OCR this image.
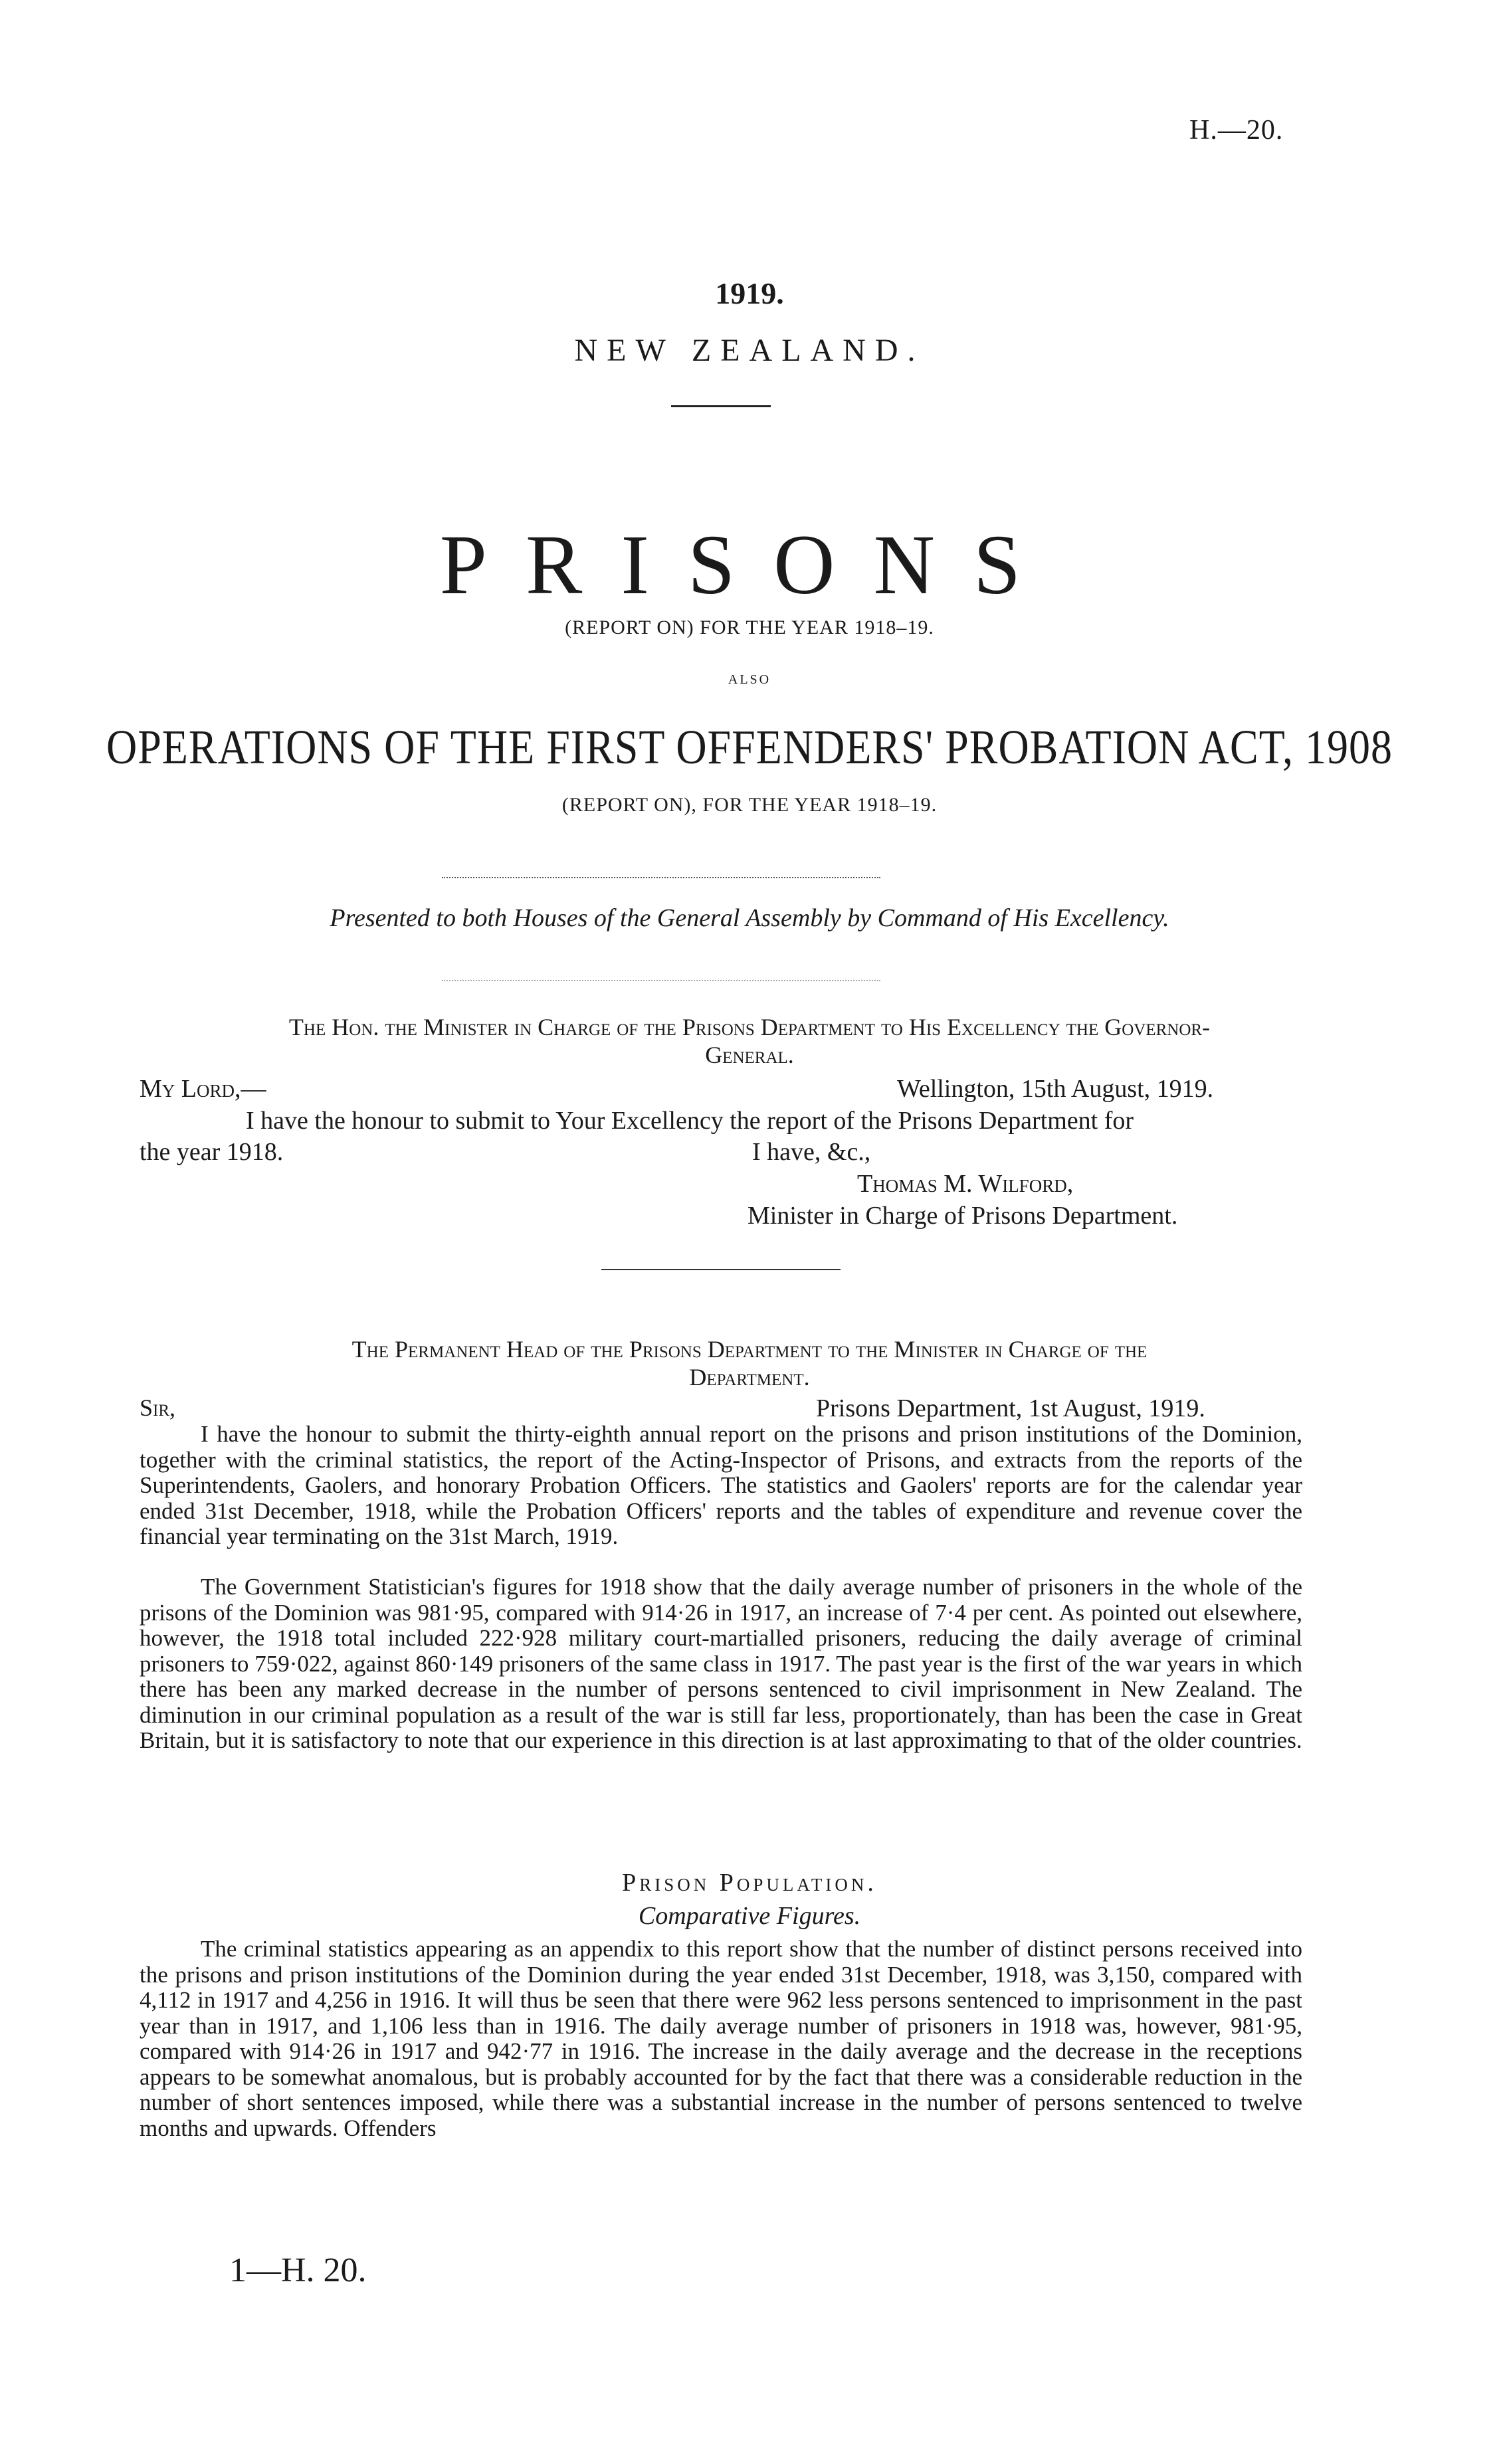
H.—20.
1919.
NEW ZEALAND.
PRISONS
(REPORT ON) FOR THE YEAR 1918–19.
ALSO
OPERATIONS OF THE FIRST OFFENDERS' PROBATION ACT, 1908
(REPORT ON), FOR THE YEAR 1918–19.
Presented to both Houses of the General Assembly by Command of His Excellency.
The Hon. the Minister in Charge of the Prisons Department to His Excellency the Governor-
General.
My Lord,—	Wellington, 15th August, 1919.
I have the honour to submit to Your Excellency the report of the Prisons Department for
the year 1918.	I have, &c.,
Thomas M. Wilford,
Minister in Charge of Prisons Department.
The Permanent Head of the Prisons Department to the Minister in Charge of the
Department.
Sir,	Prisons Department, 1st August, 1919.

I have the honour to submit the thirty-eighth annual report on the prisons and prison institutions of the Dominion, together with the criminal statistics, the report of the Acting-Inspector of Prisons, and extracts from the reports of the Superintendents, Gaolers, and honorary Probation Officers. The statistics and Gaolers' reports are for the calendar year ended 31st December, 1918, while the Probation Officers' reports and the tables of expenditure and revenue cover the financial year terminating on the 31st March, 1919.

The Government Statistician's figures for 1918 show that the daily average number of prisoners in the whole of the prisons of the Dominion was 981·95, compared with 914·26 in 1917, an increase of 7·4 per cent. As pointed out elsewhere, however, the 1918 total included 222·928 military court-martialled prisoners, reducing the daily average of criminal prisoners to 759·022, against 860·149 prisoners of the same class in 1917. The past year is the first of the war years in which there has been any marked decrease in the number of persons sentenced to civil imprisonment in New Zealand. The diminution in our criminal population as a result of the war is still far less, proportionately, than has been the case in Great Britain, but it is satisfactory to note that our experience in this direction is at last approximating to that of the older countries.

Prison Population.
Comparative Figures.

The criminal statistics appearing as an appendix to this report show that the number of distinct persons received into the prisons and prison institutions of the Dominion during the year ended 31st December, 1918, was 3,150, compared with 4,112 in 1917 and 4,256 in 1916. It will thus be seen that there were 962 less persons sentenced to imprisonment in the past year than in 1917, and 1,106 less than in 1916. The daily average number of prisoners in 1918 was, however, 981·95, compared with 914·26 in 1917 and 942·77 in 1916. The increase in the daily average and the decrease in the receptions appears to be somewhat anomalous, but is probably accounted for by the fact that there was a considerable reduction in the number of short sentences imposed, while there was a substantial increase in the number of persons sentenced to twelve months and upwards. Offenders

1—H. 20.
